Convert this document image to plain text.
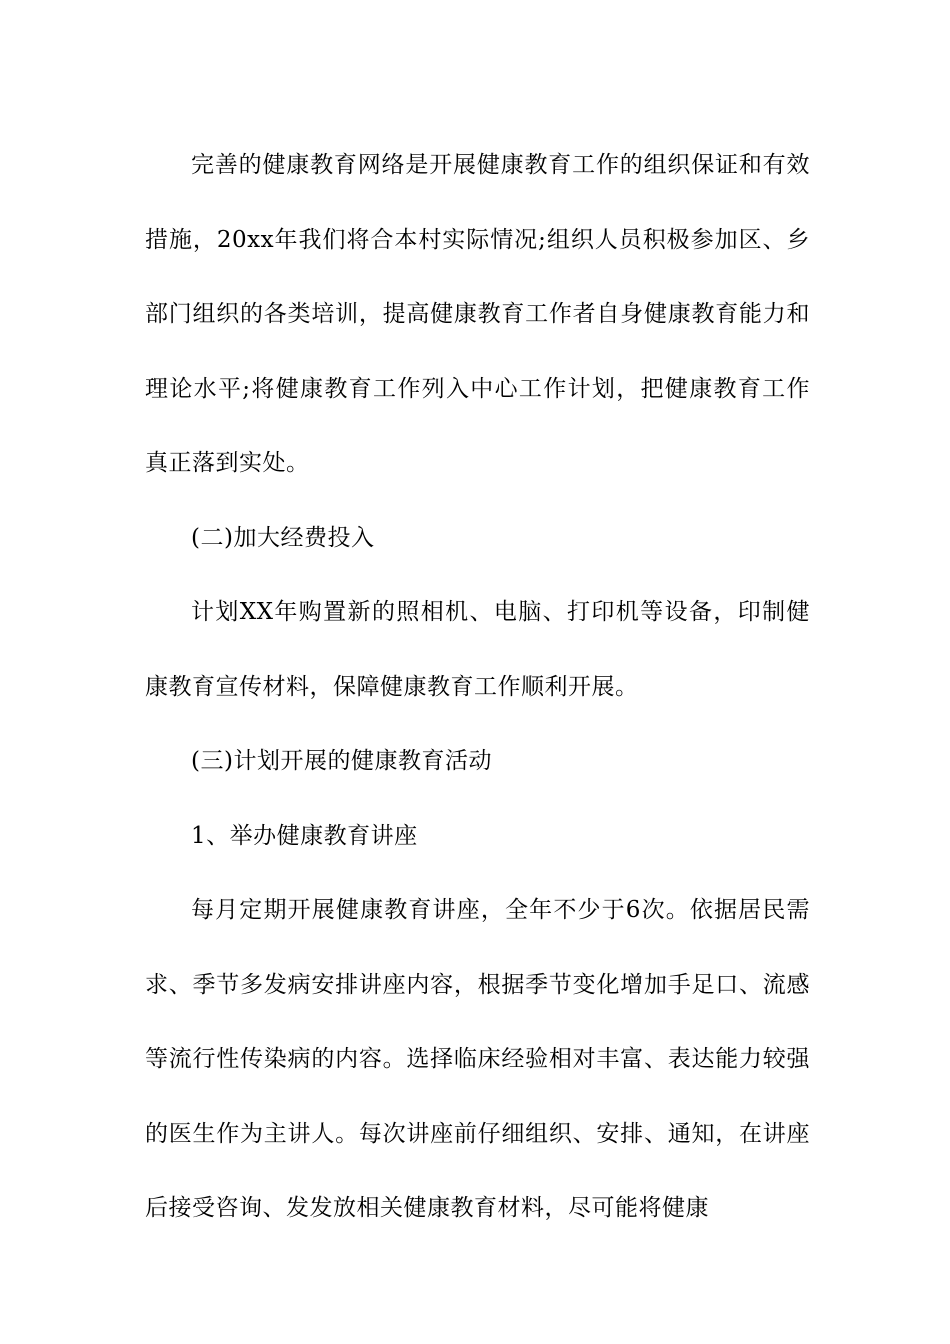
完善的健康教育网络是开展健康教育工作的组织保证和有效措施，20xx年我们将合本村实际情况;组织人员积极参加区、乡部门组织的各类培训，提高健康教育工作者自身健康教育能力和理论水平;将健康教育工作列入中心工作计划，把健康教育工作真正落到实处。

(二)加大经费投入

计划XX年购置新的照相机、电脑、打印机等设备，印制健康教育宣传材料，保障健康教育工作顺利开展。

(三)计划开展的健康教育活动

1、举办健康教育讲座

每月定期开展健康教育讲座，全年不少于6次。依据居民需求、季节多发病安排讲座内容，根据季节变化增加手足口、流感等流行性传染病的内容。选择临床经验相对丰富、表达能力较强的医生作为主讲人。每次讲座前仔细组织、安排、通知，在讲座后接受咨询、发发放相关健康教育材料，尽可能将健康
